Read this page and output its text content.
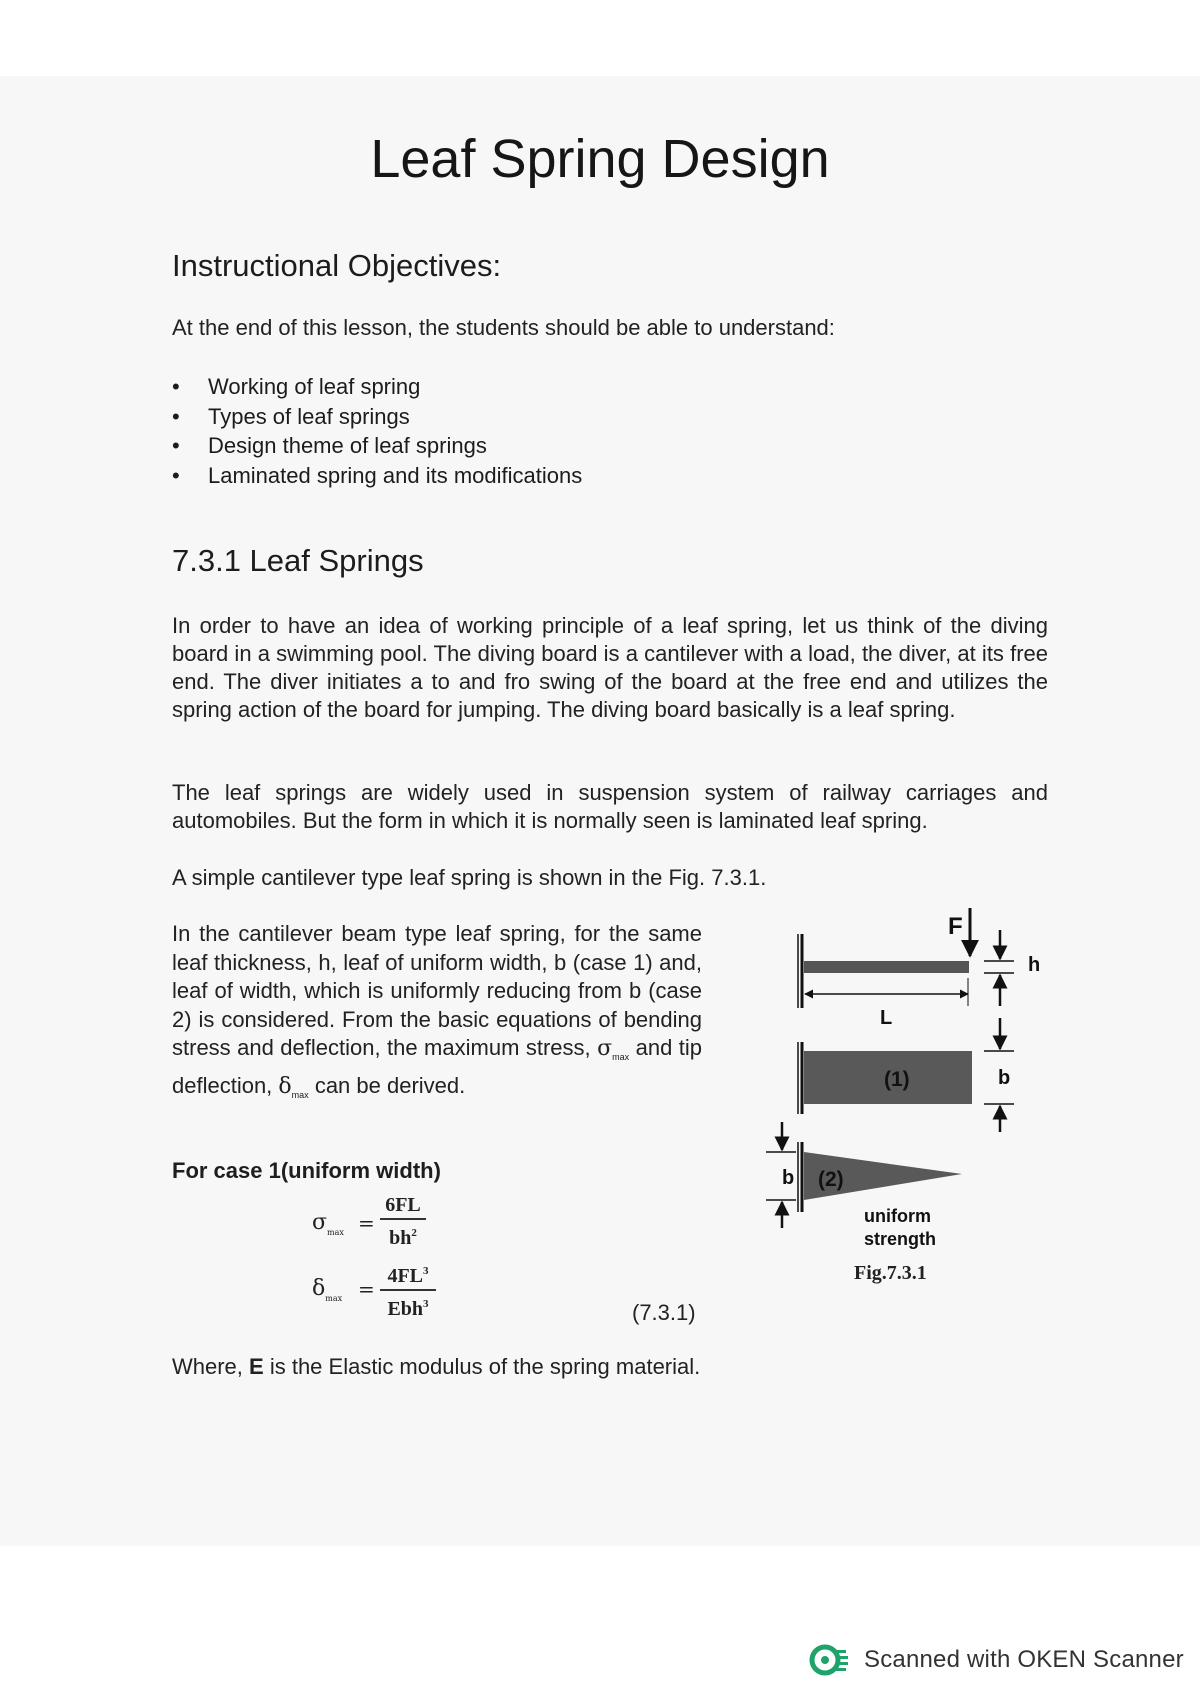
Leaf Spring Design
Instructional Objectives:

At the end of this lesson, the students should be able to understand:

• Working of leaf spring
• Types of leaf springs
• Design theme of leaf springs
• Laminated spring and its modifications
7.3.1 Leaf Springs

In order to have an idea of working principle of a leaf spring, let us think of the diving board in a swimming pool. The diving board is a cantilever with a load, the diver, at its free end. The diver initiates a to and fro swing of the board at the free end and utilizes the spring action of the board for jumping. The diving board basically is a leaf spring.

The leaf springs are widely used in suspension system of railway carriages and automobiles. But the form in which it is normally seen is laminated leaf spring.

A simple cantilever type leaf spring is shown in the Fig. 7.3.1.

In the cantilever beam type leaf spring, for the same leaf thickness, h, leaf of uniform width, b (case 1) and, leaf of width, which is uniformly reducing from b (case 2) is considered. From the basic equations of bending stress and deflection, the maximum stress, $\sigma_{max}$ and tip deflection, $\delta_{max}$ can be derived.

For case 1(uniform width)

$\sigma_{max}$ =
6FL
$bh^2$
$\delta_{max}$ =
$4FL^3$
Ebh$^3$	(7.3.1)

Where, E is the Elastic modulus of the spring material.

F
L
h
(1)	b
(2)
b
uniform
strength
Fig.7.3.1
Scanned with OKEN Scanner
